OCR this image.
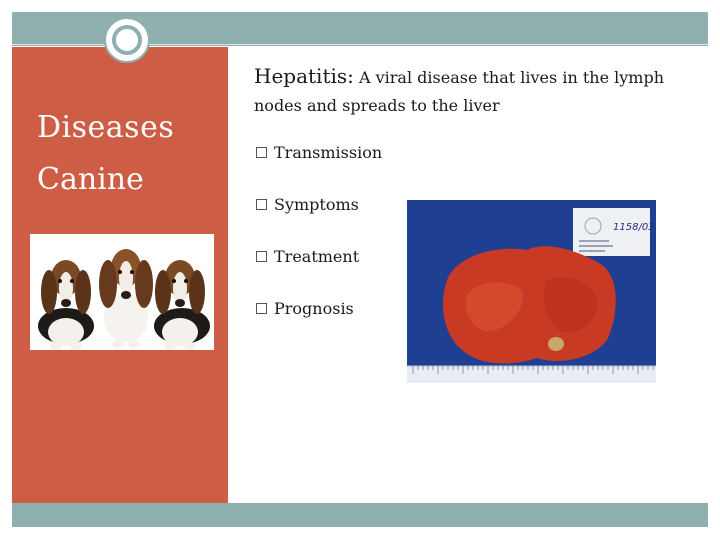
Diseases
Canine
Hepatitis: A viral disease that lives in the lymph nodes and spreads to the liver
Transmission
Symptoms
Treatment
Prognosis
1158/03
